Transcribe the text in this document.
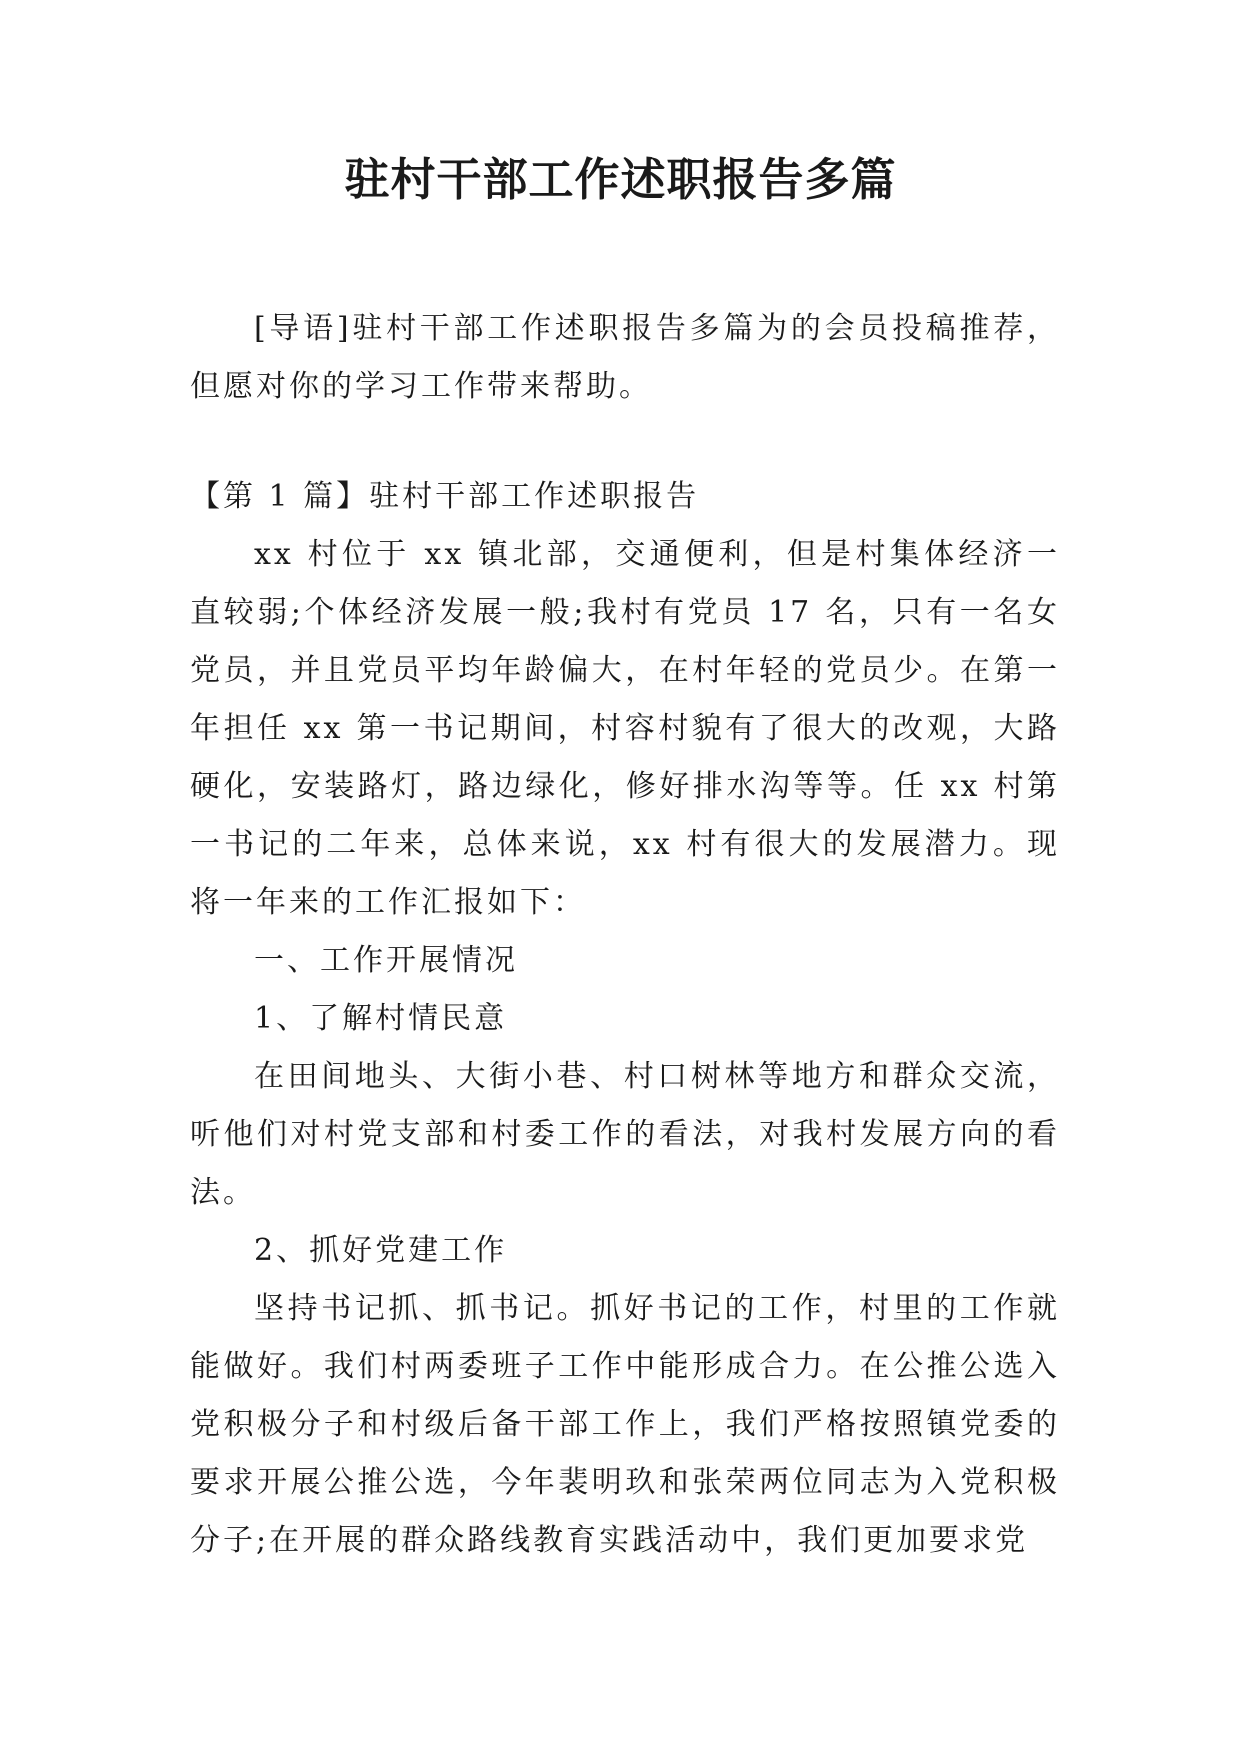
驻村干部工作述职报告多篇

[导语]驻村干部工作述职报告多篇为的会员投稿推荐，但愿对你的学习工作带来帮助。

【第 1 篇】驻村干部工作述职报告

xx 村位于 xx 镇北部，交通便利，但是村集体经济一直较弱;个体经济发展一般;我村有党员 17 名，只有一名女党员，并且党员平均年龄偏大，在村年轻的党员少。在第一年担任 xx 第一书记期间，村容村貌有了很大的改观，大路硬化，安装路灯，路边绿化，修好排水沟等等。任 xx 村第一书记的二年来，总体来说，xx 村有很大的发展潜力。现将一年来的工作汇报如下：

一、工作开展情况

1、了解村情民意

在田间地头、大街小巷、村口树林等地方和群众交流，听他们对村党支部和村委工作的看法，对我村发展方向的看法。

2、抓好党建工作

坚持书记抓、抓书记。抓好书记的工作，村里的工作就能做好。我们村两委班子工作中能形成合力。在公推公选入党积极分子和村级后备干部工作上，我们严格按照镇党委的要求开展公推公选，今年裴明玖和张荣两位同志为入党积极分子;在开展的群众路线教育实践活动中，我们更加要求党
